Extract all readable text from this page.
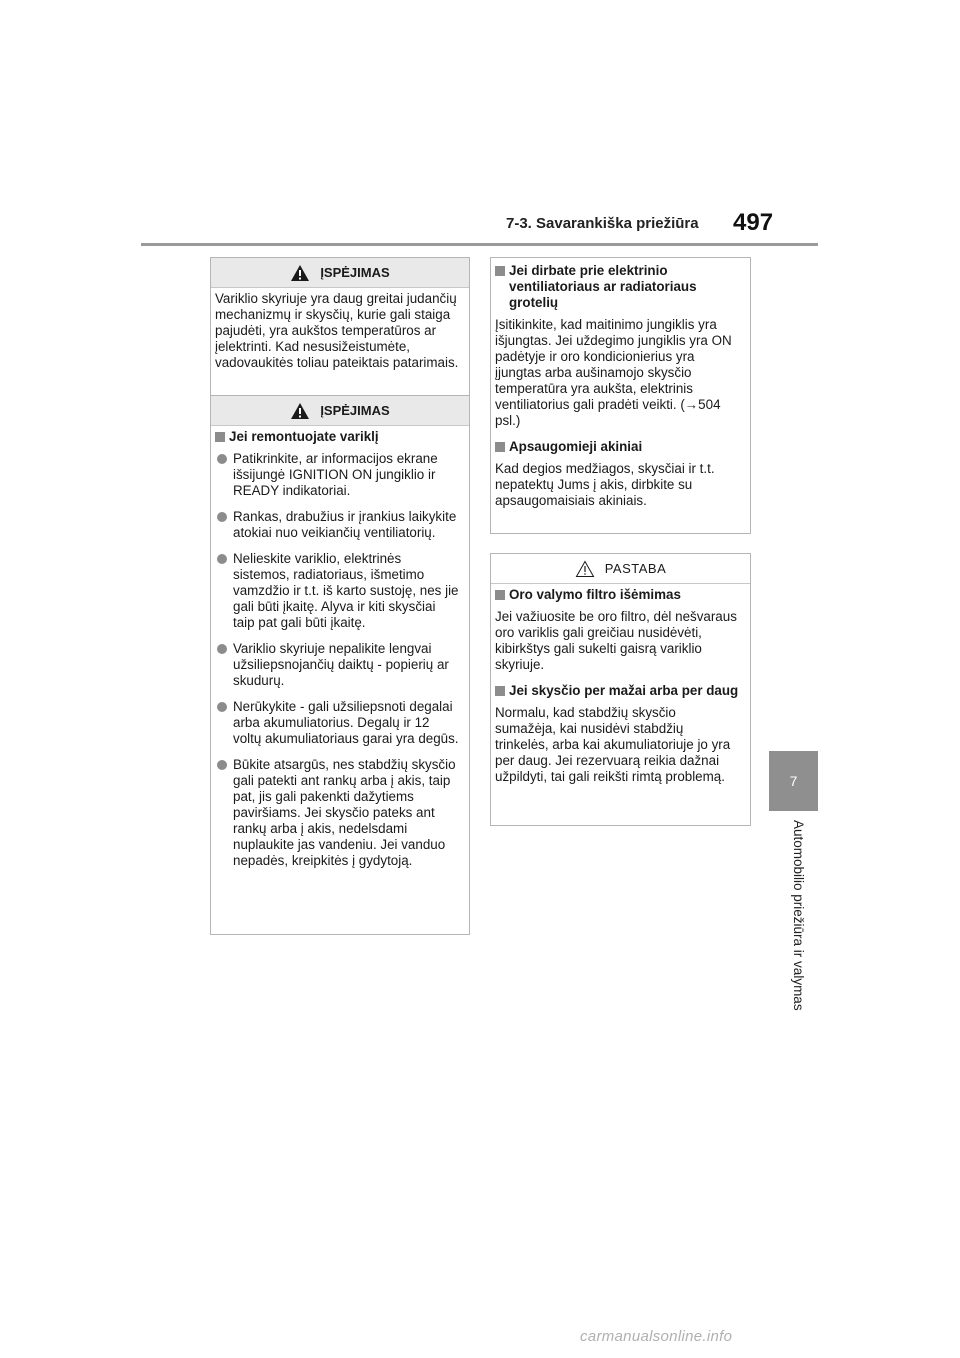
7-3. Savarankiška priežiūra 497
7
Automobilio priežiūra ir valymas
ĮSPĖJIMAS

Variklio skyriuje yra daug greitai judančių mechanizmų ir skysčių, kurie gali staiga pajudėti, yra aukštos temperatūros ar įelektrinti. Kad nesusižeistumėte, vadovaukitės toliau pateiktais patarimais.

ĮSPĖJIMAS
Jei remontuojate variklį
Patikrinkite, ar informacijos ekrane išsijungė IGNITION ON jungiklio ir READY indikatoriai.
Rankas, drabužius ir įrankius laikykite atokiai nuo veikiančių ventiliatorių.
Nelieskite variklio, elektrinės sistemos, radiatoriaus, išmetimo vamzdžio ir t.t. iš karto sustoję, nes jie gali būti įkaitę. Alyva ir kiti skysčiai taip pat gali būti įkaitę.
Variklio skyriuje nepalikite lengvai užsiliepsnojančių daiktų - popierių ar skudurų.
Nerūkykite - gali užsiliepsnoti degalai arba akumuliatorius. Degalų ir 12 voltų akumuliatoriaus garai yra degūs.
Būkite atsargūs, nes stabdžių skysčio gali patekti ant rankų arba į akis, taip pat, jis gali pakenkti dažytiems paviršiams. Jei skysčio pateks ant rankų arba į akis, nedelsdami nuplaukite jas vandeniu. Jei vanduo nepadės, kreipkitės į gydytoją.
Jei dirbate prie elektrinio ventiliatoriaus ar radiatoriaus grotelių

Įsitikinkite, kad maitinimo jungiklis yra išjungtas. Jei uždegimo jungiklis yra ON padėtyje ir oro kondicionierius yra įjungtas arba aušinamojo skysčio temperatūra yra aukšta, elektrinis ventiliatorius gali pradėti veikti. (→504 psl.)

Apsaugomieji akiniai

Kad degios medžiagos, skysčiai ir t.t. nepatektų Jums į akis, dirbkite su apsaugomaisiais akiniais.

PASTABA
Oro valymo filtro išėmimas

Jei važiuosite be oro filtro, dėl nešvaraus oro variklis gali greičiau nusidėvėti, kibirkštys gali sukelti gaisrą variklio skyriuje.

Jei skysčio per mažai arba per daug

Normalu, kad stabdžių skysčio sumažėja, kai nusidėvi stabdžių trinkelės, arba kai akumuliatoriuje jo yra per daug. Jei rezervuarą reikia dažnai užpildyti, tai gali reikšti rimtą problemą.

carmanualsonline.info
